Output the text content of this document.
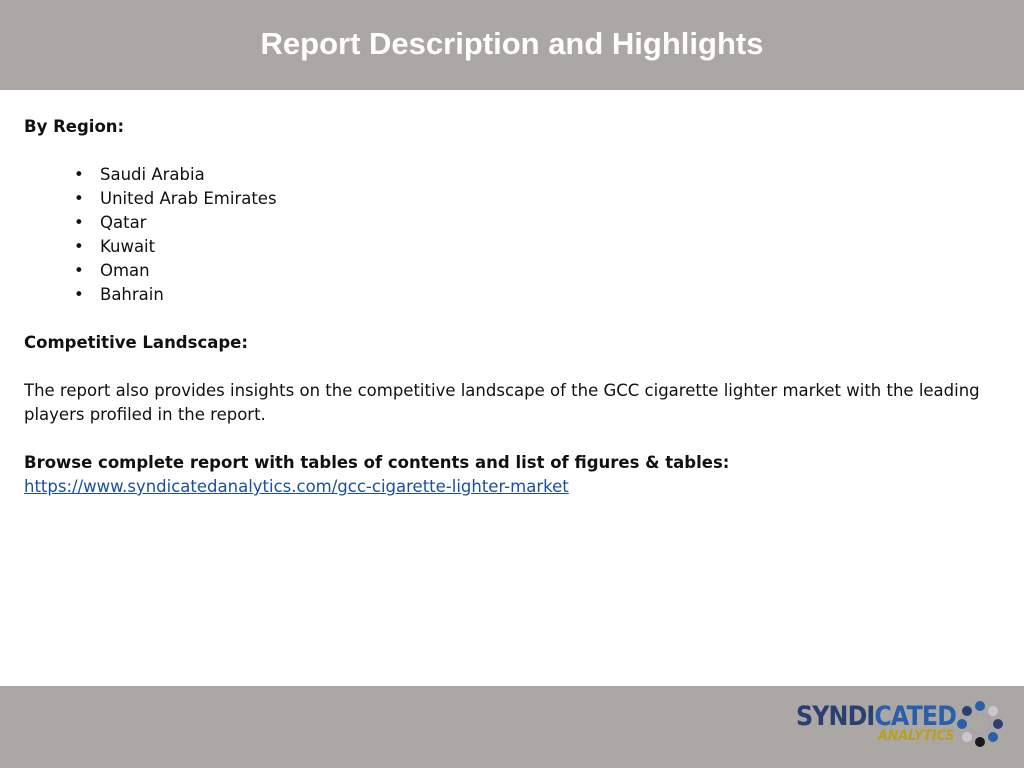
Report Description and Highlights

By Region:

• Saudi Arabia
• United Arab Emirates
• Qatar
• Kuwait
• Oman
• Bahrain

Competitive Landscape:

The report also provides insights on the competitive landscape of the GCC cigarette lighter market with the leading players profiled in the report.

Browse complete report with tables of contents and list of figures & tables:

https://www.syndicatedanalytics.com/gcc-cigarette-lighter-market

SYNDICATED
ANALYTICS
